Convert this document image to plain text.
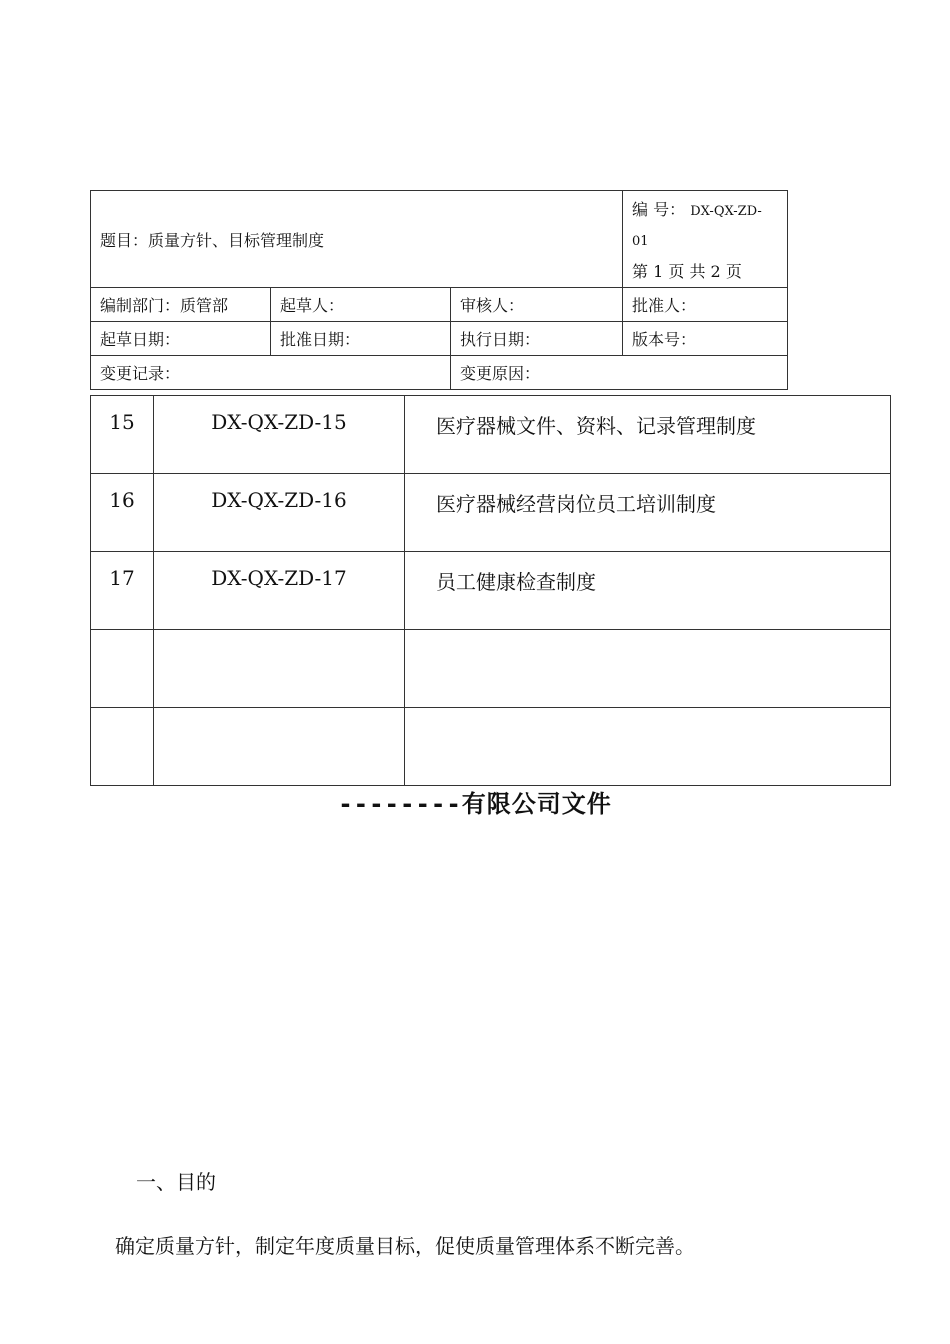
题目：质量方针、目标管理制度			编 号： DX-QX-ZD-
01
第 1 页 共 2 页

编制部门：质管部	起草人：	审核人：	批准人：
起草日期：	批准日期：	执行日期：	版本号：
变更记录：		变更原因：	
15	DX-QX-ZD-15	医疗器械文件、资料、记录管理制度
16	DX-QX-ZD-16	医疗器械经营岗位员工培训制度
17	DX-QX-ZD-17	员工健康检查制度

--------有限公司文件
一、目的
确定质量方针，制定年度质量目标，促使质量管理体系不断完善。
